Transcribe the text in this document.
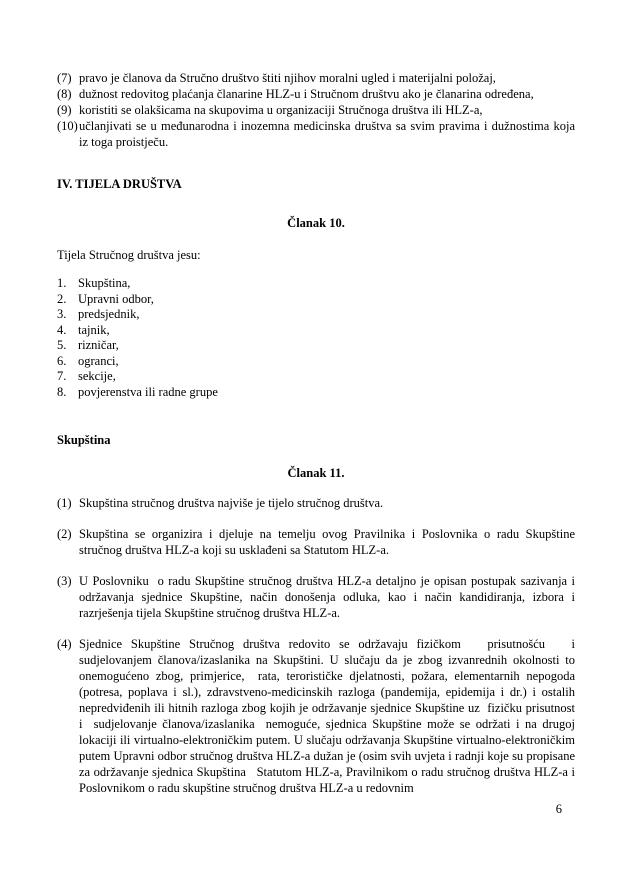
(7) pravo je članova da Stručno društvo štiti njihov moralni ugled i materijalni položaj,

(8) dužnost redovitog plaćanja članarine HLZ-u i Stručnom društvu ako je članarina određena,

(9) koristiti se olakšicama na skupovima u organizaciji Stručnoga društva ili HLZ-a,

(10)učlanjivati se u međunarodna i inozemna medicinska društva sa svim pravima i dužnostima koja    iz toga proistječu.

IV. TIJELA DRUŠTVA
Članak 10.
Tijela Stručnog društva jesu:
1. Skupština,
2. Upravni odbor,
3. predsjednik,
4. tajnik,
5. rizničar,
6. ogranci,
7. sekcije,
8. povjerenstva ili radne grupe
Skupština
Članak 11.

(1) Skupština stručnog društva najviše je tijelo stručnog društva.

(2) Skupština se organizira i djeluje na temelju ovog Pravilnika i Poslovnika o radu Skupštine stručnog društva HLZ-a koji su usklađeni sa Statutom HLZ-a.

(3) U Poslovniku  o radu Skupštine stručnog društva HLZ-a detaljno je opisan postupak sazivanja i održavanja sjednice Skupštine, način donošenja odluka, kao i način kandidiranja, izbora i razrješenja tijela Skupštine stručnog društva HLZ-a.

(4) Sjednice Skupštine Stručnog društva redovito se održavaju fizičkom   prisutnošću   i sudjelovanjem članova/izaslanika na Skupštini. U slučaju da je zbog izvanrednih okolnosti to onemogućeno zbog, primjerice,  rata, terorističke djelatnosti, požara, elementarnih nepogoda (potresa, poplava i sl.), zdravstveno-medicinskih razloga (pandemija, epidemija i dr.) i ostalih nepredviđenih ili hitnih razloga zbog kojih je održavanje sjednice Skupštine uz  fizičku prisutnost  i  sudjelovanje članova/izaslanika  nemoguće, sjednica Skupštine može se održati i na drugoj lokaciji ili virtualno-elektroničkim putem. U slučaju održavanja Skupštine virtualno-elektroničkim putem Upravni odbor stručnog društva HLZ-a dužan je (osim svih uvjeta i radnji koje su propisane za održavanje sjednica Skupština   Statutom HLZ-a, Pravilnikom o radu stručnog društva HLZ-a i Poslovnikom o radu skupštine stručnog društva HLZ-a u redovnim

6
